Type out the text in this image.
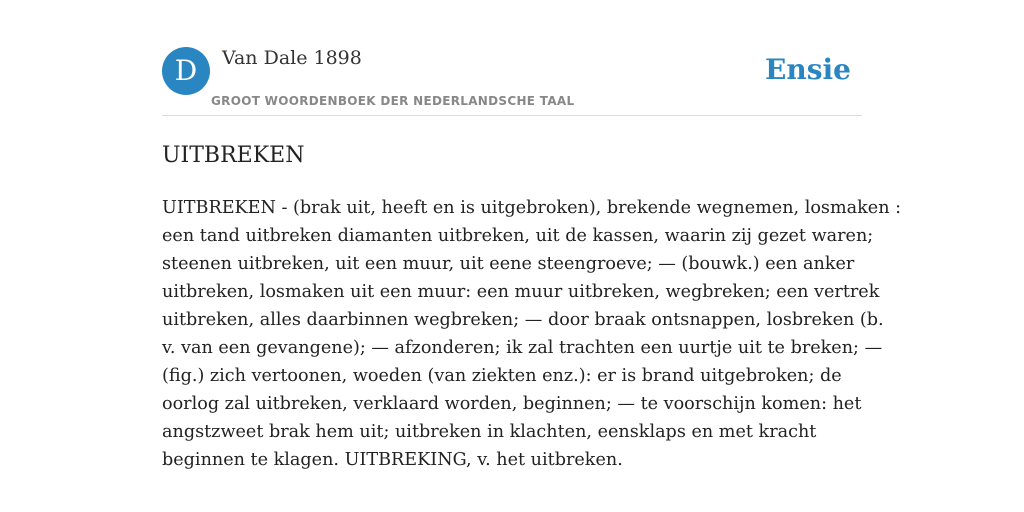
D	Van Dale 1898
GROOT WOORDENBOEK DER NEDERLANDSCHE TAAL
Ensie
UITBREKEN
UITBREKEN - (brak uit, heeft en is uitgebroken), brekende wegnemen, losmaken :
een tand uitbreken diamanten uitbreken, uit de kassen, waarin zij gezet waren;
steenen uitbreken, uit een muur, uit eene steengroeve; — (bouwk.) een anker
uitbreken, losmaken uit een muur: een muur uitbreken, wegbreken; een vertrek
uitbreken, alles daarbinnen wegbreken; — door braak ontsnappen, losbreken (b.
v. van een gevangene); — afzonderen; ik zal trachten een uurtje uit te breken; —
(fig.) zich vertoonen, woeden (van ziekten enz.): er is brand uitgebroken; de
oorlog zal uitbreken, verklaard worden, beginnen; — te voorschijn komen: het
angstzweet brak hem uit; uitbreken in klachten, eensklaps en met kracht
beginnen te klagen. UITBREKING, v. het uitbreken.
